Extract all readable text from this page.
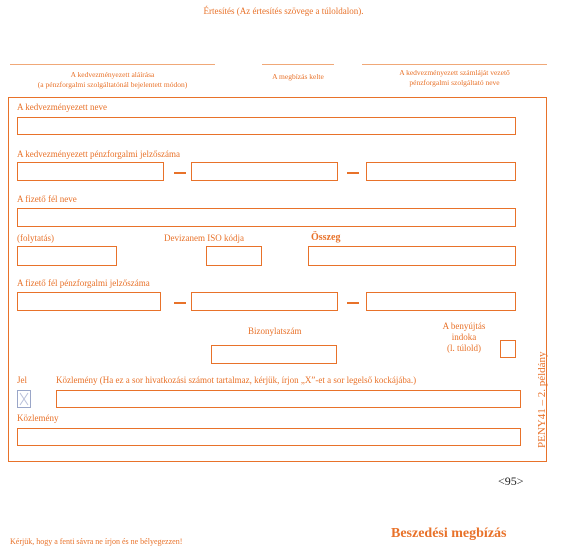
Értesítés (Az értesítés szövege a túloldalon).
A kedvezményezett aláírása
(a pénzforgalmi szolgáltatónál bejelentett módon)
A megbízás kelte	A kedvezményezett számláját vezető
pénzforgalmi szolgáltató neve
A kedvezményezett neve
A kedvezményezett pénzforgalmi jelzőszáma
A fizető fél neve
(folytatás)	Devizanem ISO kódja	Összeg
A fizető fél pénzforgalmi jelzőszáma
Bizonylatszám	A benyújtás
indoka
(l. túlold)
Jel	Közlemény (Ha ez a sor hivatkozási számot tartalmaz, kérjük, írjon „X”-et a sor legelső kockájába.)
Közlemény	PENY41 – 2. példány
<95>
Kérjük, hogy a fenti sávra ne írjon és ne bélyegezzen!
Beszedési megbízás
